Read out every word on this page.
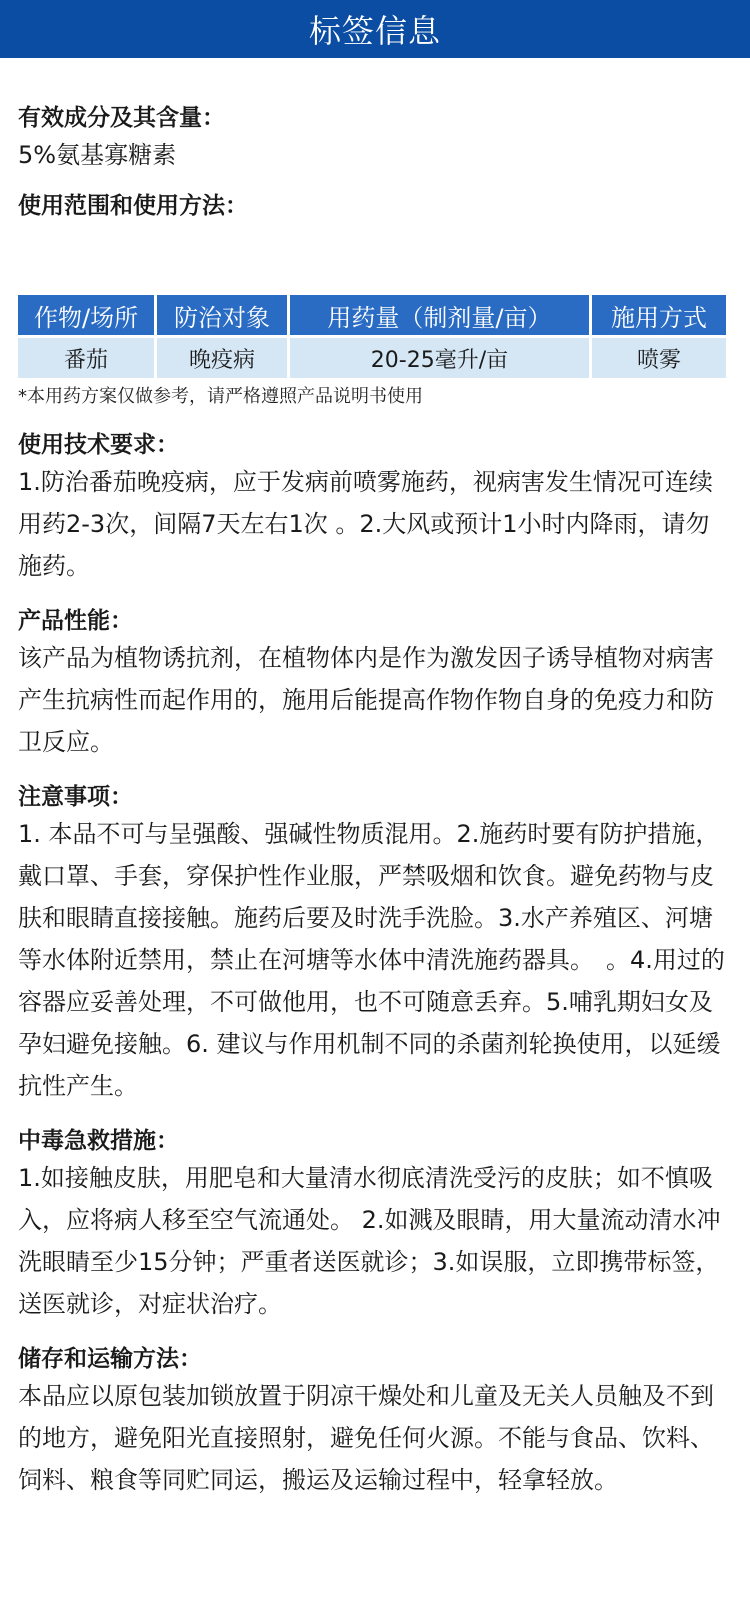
标签信息
有效成分及其含量：
5%氨基寡糖素
使用范围和使用方法：
作物/场所	防治对象	用药量（制剂量/亩）	施用方式
番茄	晚疫病	20-25毫升/亩	喷雾
*本用药方案仅做参考，请严格遵照产品说明书使用
使用技术要求：
1.防治番茄晚疫病，应于发病前喷雾施药，视病害发生情况可连续用药2-3次，间隔7天左右1次 。2.大风或预计1小时内降雨，请勿施药。
产品性能：
该产品为植物诱抗剂，在植物体内是作为激发因子诱导植物对病害产生抗病性而起作用的，施用后能提高作物作物自身的免疫力和防卫反应。
注意事项：
1. 本品不可与呈强酸、强碱性物质混用。2.施药时要有防护措施，戴口罩、手套，穿保护性作业服，严禁吸烟和饮食。避免药物与皮肤和眼睛直接接触。施药后要及时洗手洗脸。3.水产养殖区、河塘等水体附近禁用，禁止在河塘等水体中清洗施药器具。　。4.用过的容器应妥善处理，不可做他用，也不可随意丢弃。5.哺乳期妇女及孕妇避免接触。6. 建议与作用机制不同的杀菌剂轮换使用，以延缓抗性产生。
中毒急救措施：
1.如接触皮肤，用肥皂和大量清水彻底清洗受污的皮肤；如不慎吸入，应将病人移至空气流通处。 2.如溅及眼睛，用大量流动清水冲洗眼睛至少15分钟；严重者送医就诊；3.如误服，立即携带标签，送医就诊，对症状治疗。
储存和运输方法：
本品应以原包装加锁放置于阴凉干燥处和儿童及无关人员触及不到的地方，避免阳光直接照射，避免任何火源。不能与食品、饮料、饲料、粮食等同贮同运，搬运及运输过程中，轻拿轻放。
